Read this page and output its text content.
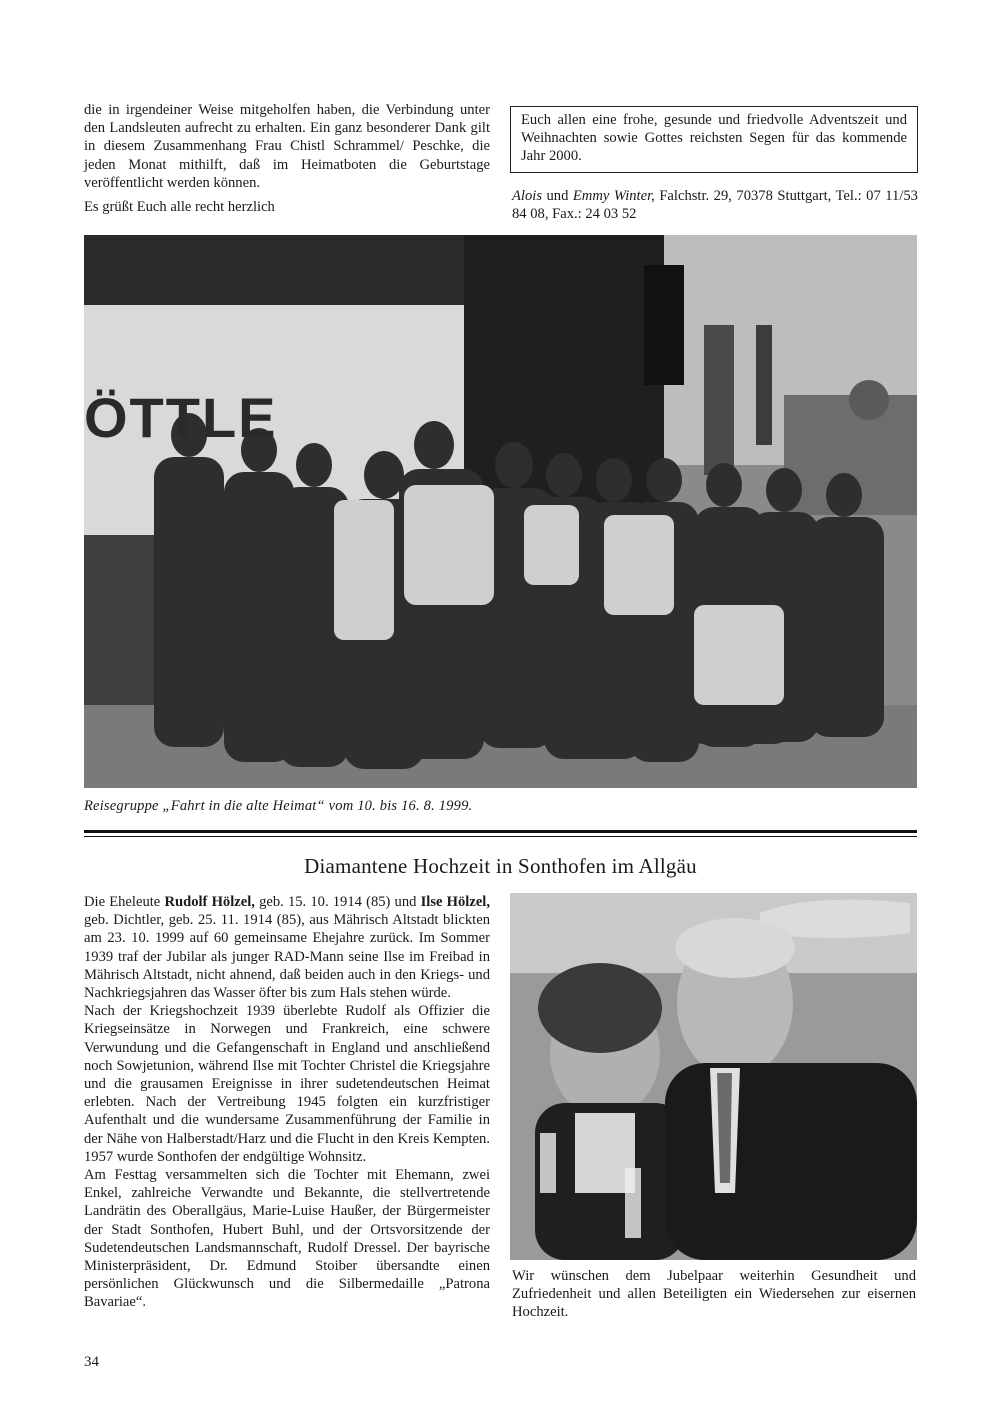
die in irgendeiner Weise mitgeholfen haben, die Verbindung unter den Landsleuten aufrecht zu erhalten. Ein ganz besonderer Dank gilt in diesem Zusammenhang Frau Chistl Schrammel/ Peschke, die jeden Monat mithilft, daß im Heimatboten die Geburtstage veröffentlicht werden können.

Es grüßt Euch alle recht herzlich

Euch allen eine frohe, gesunde und friedvolle Adventszeit und Weihnachten sowie Gottes reichsten Segen für das kommende Jahr 2000.

Alois und Emmy Winter, Falchstr. 29, 70378 Stuttgart, Tel.: 07 11/53 84 08, Fax.: 24 03 52
ÖTTLE
Reisegruppe „Fahrt in die alte Heimat“ vom 10. bis 16. 8. 1999.
Diamantene Hochzeit in Sonthofen im Allgäu

Die Eheleute Rudolf Hölzel, geb. 15. 10. 1914 (85) und Ilse Hölzel, geb. Dichtler, geb. 25. 11. 1914 (85), aus Mährisch Altstadt blickten am 23. 10. 1999 auf 60 gemeinsame Ehejahre zurück. Im Sommer 1939 traf der Jubilar als junger RAD-Mann seine Ilse im Freibad in Mährisch Altstadt, nicht ahnend, daß beiden auch in den Kriegs- und Nachkriegsjahren das Wasser öfter bis zum Hals stehen würde.

Nach der Kriegshochzeit 1939 überlebte Rudolf als Offizier die Kriegseinsätze in Norwegen und Frankreich, eine schwere Verwundung und die Gefangenschaft in England und anschließend noch Sowjetunion, während Ilse mit Tochter Christel die Kriegsjahre und die grausamen Ereignisse in ihrer sudetendeutschen Heimat erlebten. Nach der Vertreibung 1945 folgten ein kurzfristiger Aufenthalt und die wundersame Zusammenführung der Familie in der Nähe von Halberstadt/Harz und die Flucht in den Kreis Kempten. 1957 wurde Sonthofen der endgültige Wohnsitz.

Am Festtag versammelten sich die Tochter mit Ehemann, zwei Enkel, zahlreiche Verwandte und Bekannte, die stellvertretende Landrätin des Oberallgäus, Marie-Luise Haußer, der Bürgermeister der Stadt Sonthofen, Hubert Buhl, und der Ortsvorsitzende der Sudetendeutschen Landsmannschaft, Rudolf Dressel. Der bayrische Ministerpräsident, Dr. Edmund Stoiber übersandte einen persönlichen Glückwunsch und die Silbermedaille „Patrona Bavariae“.

Wir wünschen dem Jubelpaar weiterhin Gesundheit und Zufriedenheit und allen Beteiligten ein Wiedersehen zur eisernen Hochzeit.
34
